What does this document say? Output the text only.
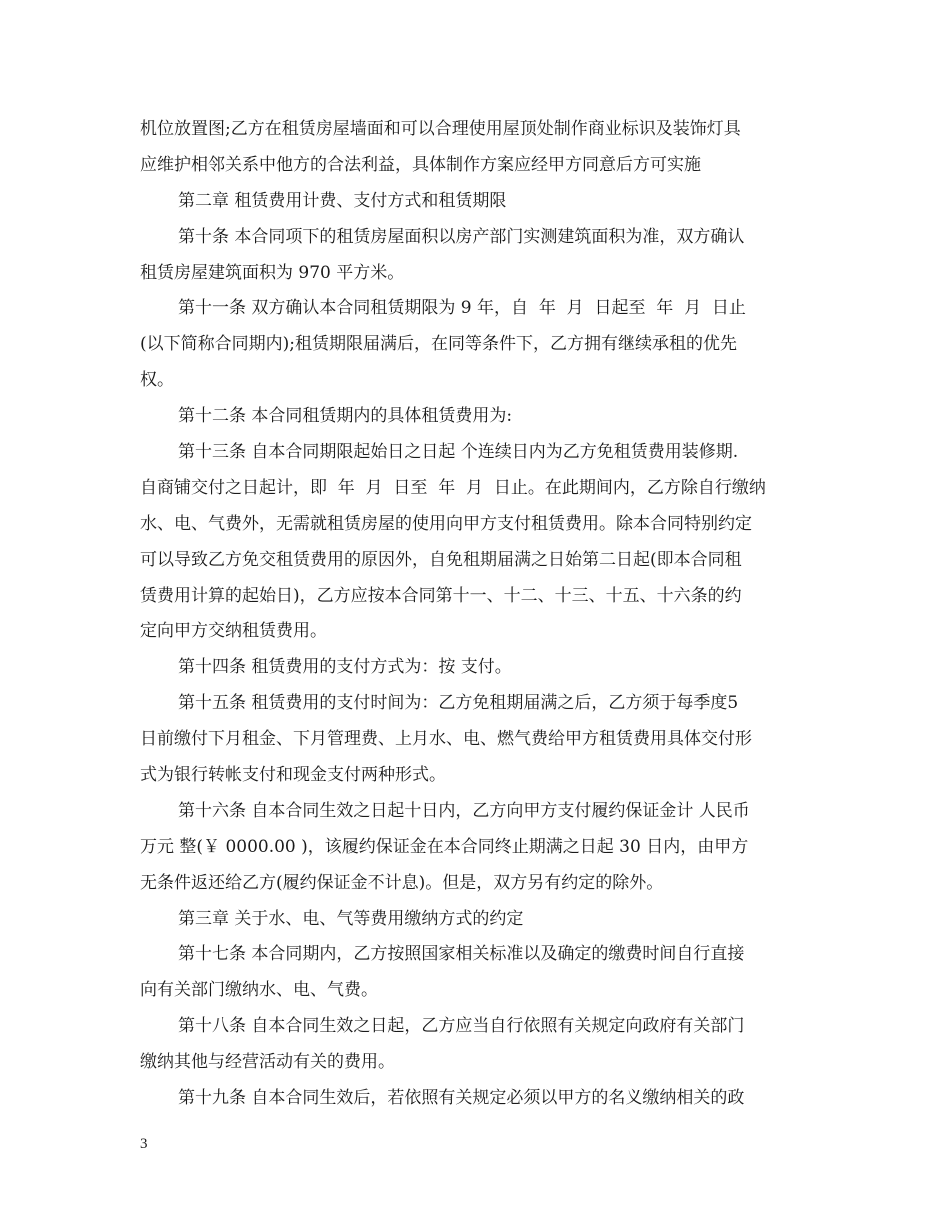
机位放置图;乙方在租赁房屋墙面和可以合理使用屋顶处制作商业标识及装饰灯具
应维护相邻关系中他方的合法利益，具体制作方案应经甲方同意后方可实施
第二章 租赁费用计费、支付方式和租赁期限
第十条 本合同项下的租赁房屋面积以房产部门实测建筑面积为准，双方确认
租赁房屋建筑面积为 970 平方米。
第十一条 双方确认本合同租赁期限为 9 年，自  年  月  日起至  年  月  日止
(以下简称合同期内);租赁期限届满后，在同等条件下，乙方拥有继续承租的优先
权。
第十二条 本合同租赁期内的具体租赁费用为:
第十三条 自本合同期限起始日之日起 个连续日内为乙方免租赁费用装修期.
自商铺交付之日起计，即  年  月  日至  年  月  日止。在此期间内，乙方除自行缴纳
水、电、气费外，无需就租赁房屋的使用向甲方支付租赁费用。除本合同特别约定
可以导致乙方免交租赁费用的原因外，自免租期届满之日始第二日起(即本合同租
赁费用计算的起始日)，乙方应按本合同第十一、十二、十三、十五、十六条的约
定向甲方交纳租赁费用。
第十四条 租赁费用的支付方式为：按 支付。
第十五条 租赁费用的支付时间为：乙方免租期届满之后，乙方须于每季度5
日前缴付下月租金、下月管理费、上月水、电、燃气费给甲方租赁费用具体交付形
式为银行转帐支付和现金支付两种形式。
第十六条 自本合同生效之日起十日内，乙方向甲方支付履约保证金计 人民币
万元 整(￥ 0000.00 )，该履约保证金在本合同终止期满之日起 30 日内，由甲方
无条件返还给乙方(履约保证金不计息)。但是，双方另有约定的除外。
第三章 关于水、电、气等费用缴纳方式的约定
第十七条 本合同期内，乙方按照国家相关标准以及确定的缴费时间自行直接
向有关部门缴纳水、电、气费。
第十八条 自本合同生效之日起，乙方应当自行依照有关规定向政府有关部门
缴纳其他与经营活动有关的费用。
第十九条 自本合同生效后，若依照有关规定必须以甲方的名义缴纳相关的政
3
